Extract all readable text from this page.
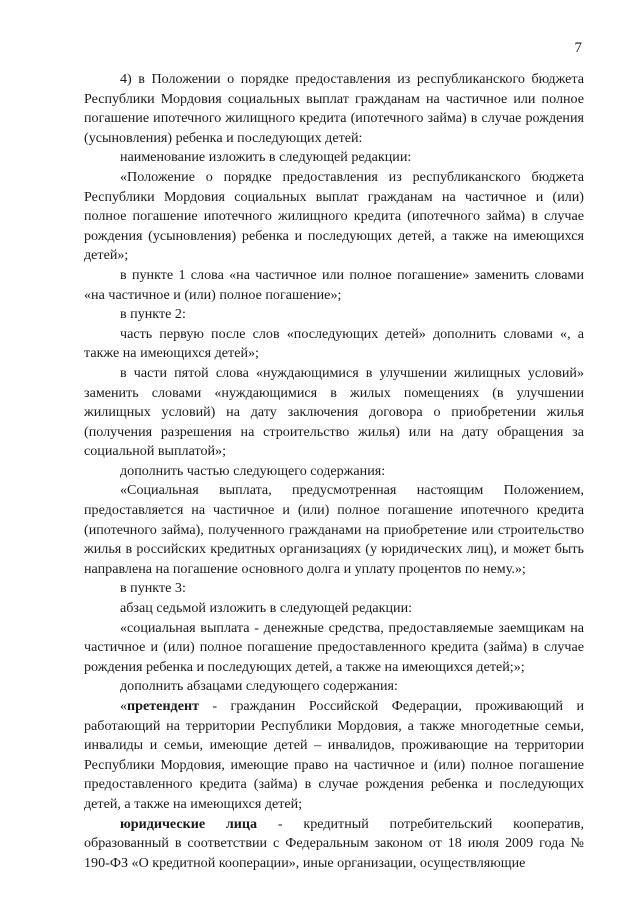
7

4) в Положении о порядке предоставления из республиканского бюджета Республики Мордовия социальных выплат гражданам на частичное или полное погашение ипотечного жилищного кредита (ипотечного займа) в случае рождения (усыновления) ребенка и последующих детей:

наименование изложить в следующей редакции:

«Положение о порядке предоставления из республиканского бюджета Республики Мордовия социальных выплат гражданам на частичное и (или) полное погашение ипотечного жилищного кредита (ипотечного займа) в случае рождения (усыновления) ребенка и последующих детей, а также на имеющихся детей»;

в пункте 1 слова «на частичное или полное погашение» заменить словами «на частичное и (или) полное погашение»;

в пункте 2:

часть первую после слов «последующих детей» дополнить словами «, а также на имеющихся детей»;

в части пятой слова «нуждающимися в улучшении жилищных условий» заменить словами «нуждающимися в жилых помещениях (в улучшении жилищных условий) на дату заключения договора о приобретении жилья (получения разрешения на строительство жилья) или на дату обращения за социальной выплатой»;

дополнить частью следующего содержания:

«Социальная выплата, предусмотренная настоящим Положением, предоставляется на частичное и (или) полное погашение ипотечного кредита (ипотечного займа), полученного гражданами на приобретение или строительство жилья в российских кредитных организациях (у юридических лиц), и может быть направлена на погашение основного долга и уплату процентов по нему.»;

в пункте 3:

абзац седьмой изложить в следующей редакции:

«социальная выплата - денежные средства, предоставляемые заемщикам на частичное и (или) полное погашение предоставленного кредита (займа) в случае рождения ребенка и последующих детей, а также на имеющихся детей;»;

дополнить абзацами следующего содержания:

«претендент - гражданин Российской Федерации, проживающий и работающий на территории Республики Мордовия, а также многодетные семьи, инвалиды и семьи, имеющие детей – инвалидов, проживающие на территории Республики Мордовия, имеющие право на частичное и (или) полное погашение предоставленного кредита (займа) в случае рождения ребенка и последующих детей, а также на имеющихся детей;

юридические лица - кредитный потребительский кооператив, образованный в соответствии с Федеральным законом от 18 июля 2009 года № 190-ФЗ «О кредитной кооперации», иные организации, осуществляющие
